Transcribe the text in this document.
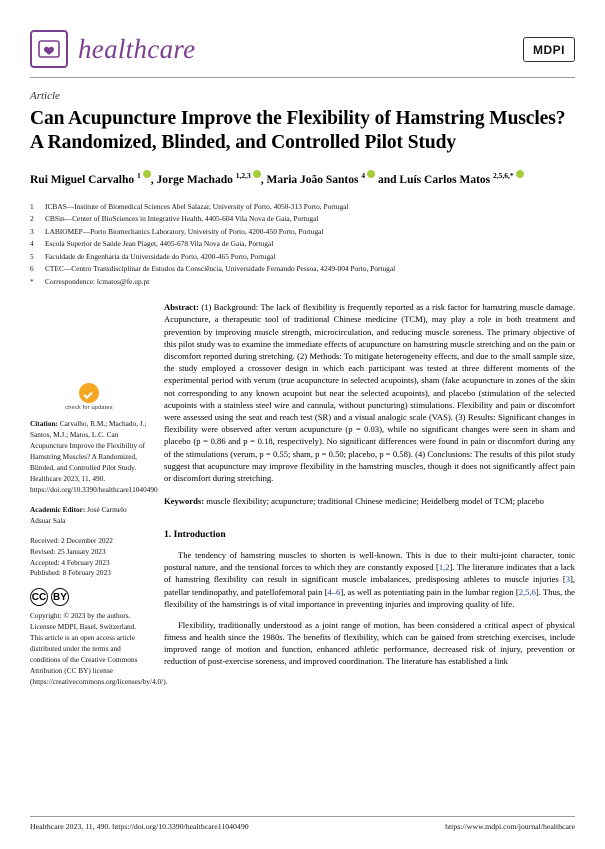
healthcare	MDPI
Article
Can Acupuncture Improve the Flexibility of Hamstring Muscles? A Randomized, Blinded, and Controlled Pilot Study
Rui Miguel Carvalho $^1$ , Jorge Machado $^{1,2,3}$ , Maria João Santos $^4$ and Luís Carlos Matos $^{2,5,6,*}$
1	ICBAS—Institute of Biomedical Sciences Abel Salazar, University of Porto, 4050-313 Porto, Portugal
2	CBSin—Center of BioSciences in Integrative Health, 4405-604 Vila Nova de Gaia, Portugal
3	LABIOMEP—Porto Biomechanics Laboratory, University of Porto, 4200-450 Porto, Portugal
4	Escola Superior de Saúde Jean Piaget, 4405-678 Vila Nova de Gaia, Portugal
5	Faculdade de Engenharia da Universidade do Porto, 4200-465 Porto, Portugal
6	CTEC—Centro Transdisciplinar de Estudos da Consciência, Universidade Fernando Pessoa, 4249-004 Porto, Portugal
*	Correspondence: lcmatos@fe.up.pt
check for updates
Citation: Carvalho, R.M.; Machado, J.; Santos, M.J.; Matos, L.C. Can Acupuncture Improve the Flexibility of Hamstring Muscles? A Randomized, Blinded, and Controlled Pilot Study. Healthcare 2023, 11, 490. https://doi.org/10.3390/healthcare11040490
Academic Editor: José Carmelo Adsuar Sala
Received: 2 December 2022
Revised: 25 January 2023
Accepted: 4 February 2023
Published: 8 February 2023
CC BY
Copyright: © 2023 by the authors. Licensee MDPI, Basel, Switzerland. This article is an open access article distributed under the terms and conditions of the Creative Commons Attribution (CC BY) license (https://creativecommons.org/licenses/by/4.0/).
Abstract: (1) Background: The lack of flexibility is frequently reported as a risk factor for hamstring muscle damage. Acupuncture, a therapeutic tool of traditional Chinese medicine (TCM), may play a role in both treatment and prevention by improving muscle strength, microcirculation, and reducing muscle soreness. The primary objective of this pilot study was to examine the immediate effects of acupuncture on hamstring muscle stretching and on the pain or discomfort reported during stretching. (2) Methods: To mitigate heterogeneity effects, and due to the small sample size, the study employed a crossover design in which each participant was tested at three different moments of the experimental period with verum (true acupuncture in selected acupoints), sham (fake acupuncture in zones of the skin not corresponding to any known acupoint but near the selected acupoints), and placebo (stimulation of the selected acupoints with a stainless steel wire and cannula, without puncturing) stimulations. Flexibility and pain or discomfort were assessed using the seat and reach test (SR) and a visual analogic scale (VAS). (3) Results: Significant changes in flexibility were observed after verum acupuncture (p = 0.03), while no significant changes were seen in sham and placebo (p = 0.86 and p = 0.18, respectively). No significant differences were found in pain or discomfort during any of the stimulations (verum, p = 0.55; sham, p = 0.50; placebo, p = 0.58). (4) Conclusions: The results of this pilot study suggest that acupuncture may improve flexibility in the hamstring muscles, though it does not significantly affect pain or discomfort during stretching.
Keywords: muscle flexibility; acupuncture; traditional Chinese medicine; Heidelberg model of TCM; placebo
1. Introduction

The tendency of hamstring muscles to shorten is well-known. This is due to their multi-joint character, tonic postural nature, and the tensional forces to which they are constantly exposed [1,2]. The literature indicates that a lack of hamstring flexibility can result in significant muscle imbalances, predisposing athletes to muscle injuries [3], patellar tendinopathy, and patellofemoral pain [4–6], as well as potentiating pain in the lumbar region [2,5,6]. Thus, the flexibility of the hamstrings is of vital importance in preventing injuries and improving quality of life.

Flexibility, traditionally understood as a joint range of motion, has been considered a critical aspect of physical fitness and health since the 1980s. The benefits of flexibility, which can be gained from stretching exercises, include improved range of motion and function, enhanced athletic performance, decreased risk of injury, prevention or reduction of post-exercise soreness, and improved coordination. The literature has established a link

Healthcare 2023, 11, 490. https://doi.org/10.3390/healthcare11040490	https://www.mdpi.com/journal/healthcare
